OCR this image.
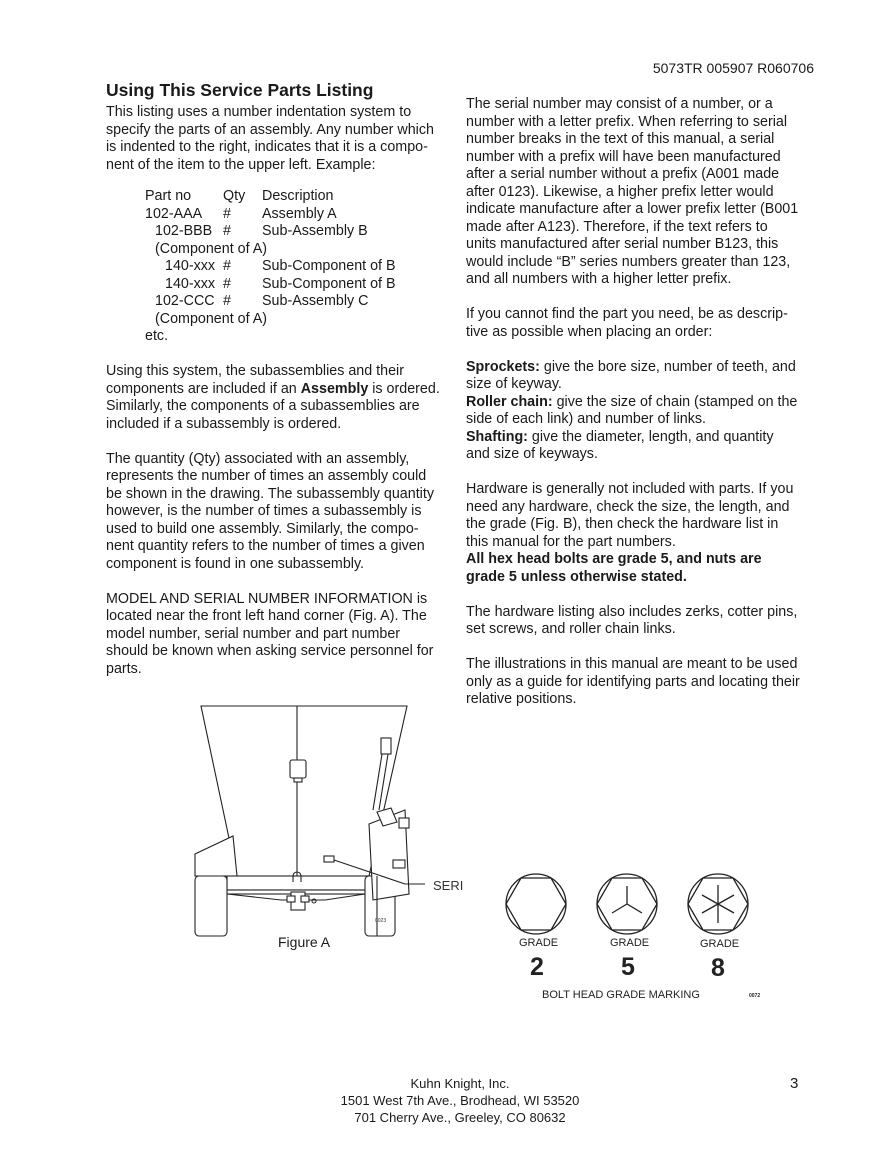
5073TR 005907 R060706
Using This Service Parts Listing

This listing uses a number indentation system to
specify the parts of an assembly. Any number which
is indented to the right, indicates that it is a compo-
nent of the item to the upper left. Example:

Part no	Qty	Description
102-AAA	#	Assembly A
102-BBB #	Sub-Assembly B
(Component of A)
140-xxx #	Sub-Component of B
140-xxx #	Sub-Component of B
102-CCC #	Sub-Assembly C
(Component of A)
etc.

Using this system, the subassemblies and their
components are included if an Assembly is ordered.
Similarly, the components of a subassemblies are
included if a subassembly is ordered.

The quantity (Qty) associated with an assembly,
represents the number of times an assembly could
be shown in the drawing. The subassembly quantity
however, is the number of times a subassembly is
used to build one assembly. Similarly, the compo-
nent quantity refers to the number of times a given
component is found in one subassembly.

MODEL AND SERIAL NUMBER INFORMATION is
located near the front left hand corner (Fig. A). The
model number, serial number and part number
should be known when asking service personnel for
parts.

The serial number may consist of a number, or a
number with a letter prefix. When referring to serial
number breaks in the text of this manual, a serial
number with a prefix will have been manufactured
after a serial number without a prefix (A001 made
after 0123). Likewise, a higher prefix letter would
indicate manufacture after a lower prefix letter (B001
made after A123). Therefore, if the text refers to
units manufactured after serial number B123, this
would include “B” series numbers greater than 123,
and all numbers with a higher letter prefix.

If you cannot find the part you need, be as descrip-
tive as possible when placing an order:

Sprockets: give the bore size, number of teeth, and
size of keyway.
Roller chain: give the size of chain (stamped on the
side of each link) and number of links.
Shafting: give the diameter, length, and quantity
and size of keyways.

Hardware is generally not included with parts. If you
need any hardware, check the size, the length, and
the grade (Fig. B), then check the hardware list in
this manual for the part numbers.
All hex head bolts are grade 5, and nuts are
grade 5 unless otherwise stated.

The hardware listing also includes zerks, cotter pins,
set screws, and roller chain links.

The illustrations in this manual are meant to be used
only as a guide for identifying parts and locating their
relative positions.

SERI
0023
Figure A	GRADE	GRADE	GRADE
2	5	8
BOLT HEAD GRADE MARKING	0072
Kuhn Knight, Inc.
1501 West 7th Ave., Brodhead, WI 53520
701 Cherry Ave., Greeley, CO 80632
3
